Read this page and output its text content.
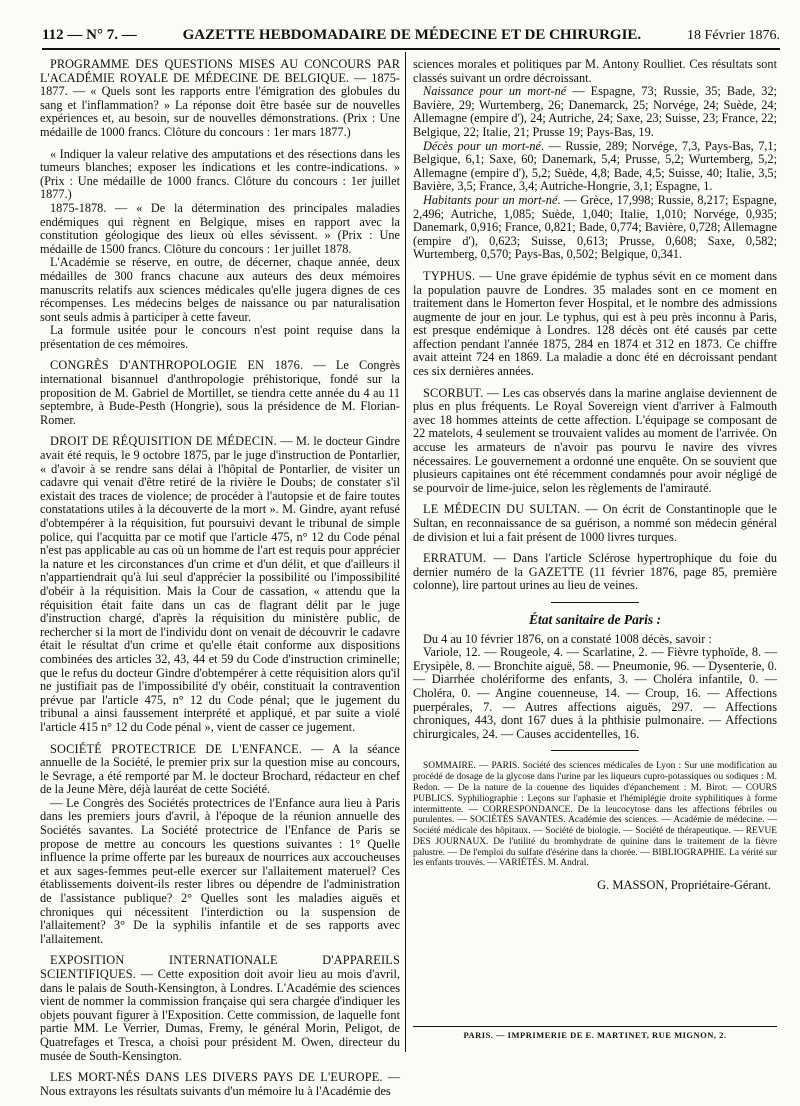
112 — N° 7. —	GAZETTE HEBDOMADAIRE DE MÉDECINE ET DE CHIRURGIE.	18 Février 1876.

PROGRAMME DES QUESTIONS MISES AU CONCOURS PAR L'ACADÉMIE ROYALE DE MÉDECINE DE BELGIQUE. — 1875-1877. — « Quels sont les rapports entre l'émigration des globules du sang et l'inflammation? » La réponse doit être basée sur de nouvelles expériences et, au besoin, sur de nouvelles démonstrations. (Prix : Une médaille de 1000 francs. Clôture du concours : 1er mars 1877.)

« Indiquer la valeur relative des amputations et des résections dans les tumeurs blanches; exposer les indications et les contre-indications. » (Prix : Une médaille de 1000 francs. Clôture du concours : 1er juillet 1877.)

1875-1878. — « De la détermination des principales maladies endémiques qui règnent en Belgique, mises en rapport avec la constitution géologique des lieux où elles sévissent. » (Prix : Une médaille de 1500 francs. Clôture du concours : 1er juillet 1878.

L'Académie se réserve, en outre, de décerner, chaque année, deux médailles de 300 francs chacune aux auteurs des deux mémoires manuscrits relatifs aux sciences médicales qu'elle jugera dignes de ces récompenses. Les médecins belges de naissance ou par naturalisation sont seuls admis à participer à cette faveur.

La formule usitée pour le concours n'est point requise dans la présentation de ces mémoires.

CONGRÈS D'ANTHROPOLOGIE EN 1876. — Le Congrès international bisannuel d'anthropologie préhistorique, fondé sur la proposition de M. Gabriel de Mortillet, se tiendra cette année du 4 au 11 septembre, à Bude-Pesth (Hongrie), sous la présidence de M. Florian-Romer.

DROIT DE RÉQUISITION DE MÉDECIN. — M. le docteur Gindre avait été requis, le 9 octobre 1875, par le juge d'instruction de Pontarlier, « d'avoir à se rendre sans délai à l'hôpital de Pontarlier, de visiter un cadavre qui venait d'être retiré de la rivière le Doubs; de constater s'il existait des traces de violence; de procéder à l'autopsie et de faire toutes constatations utiles à la découverte de la mort ». M. Gindre, ayant refusé d'obtempérer à la réquisition, fut poursuivi devant le tribunal de simple police, qui l'acquitta par ce motif que l'article 475, n° 12 du Code pénal n'est pas applicable au cas où un homme de l'art est requis pour apprécier la nature et les circonstances d'un crime et d'un délit, et que d'ailleurs il n'appartiendrait qu'à lui seul d'apprécier la possibilité ou l'impossibilité d'obéir à la réquisition. Mais la Cour de cassation, « attendu que la réquisition était faite dans un cas de flagrant délit par le juge d'instruction chargé, d'après la réquisition du ministère public, de rechercher si la mort de l'individu dont on venait de découvrir le cadavre était le résultat d'un crime et qu'elle était conforme aux dispositions combinées des articles 32, 43, 44 et 59 du Code d'instruction criminelle; que le refus du docteur Gindre d'obtempérer à cette réquisition alors qu'il ne justifiait pas de l'impossibilité d'y obéir, constituait la contravention prévue par l'article 475, n° 12 du Code pénal; que le jugement du tribunal a ainsi faussement interprété et appliqué, et par suite a violé l'article 415 n° 12 du Code pénal », vient de casser ce jugement.

SOCIÉTÉ PROTECTRICE DE L'ENFANCE. — A la séance annuelle de la Société, le premier prix sur la question mise au concours, le Sevrage, a été remporté par M. le docteur Brochard, rédacteur en chef de la Jeune Mère, déjà lauréat de cette Société.

— Le Congrès des Sociétés protectrices de l'Enfance aura lieu à Paris dans les premiers jours d'avril, à l'époque de la réunion annuelle des Sociétés savantes. La Société protectrice de l'Enfance de Paris se propose de mettre au concours les questions suivantes : 1° Quelle influence la prime offerte par les bureaux de nourrices aux accoucheuses et aux sages-femmes peut-elle exercer sur l'allaitement materuel? Ces établissements doivent-ils rester libres ou dépendre de l'administration de l'assistance publique? 2° Quelles sont les maladies aiguës et chroniques qui nécessitent l'interdiction ou la suspension de l'allaitement? 3° De la syphilis infantile et de ses rapports avec l'allaitement.

EXPOSITION INTERNATIONALE D'APPAREILS SCIENTIFIQUES. — Cette exposition doit avoir lieu au mois d'avril, dans le palais de South-Kensington, à Londres. L'Académie des sciences vient de nommer la commission française qui sera chargée d'indiquer les objets pouvant figurer à l'Exposition. Cette commission, de laquelle font partie MM. Le Verrier, Dumas, Fremy, le général Morin, Peligot, de Quatrefages et Tresca, a choisi pour président M. Owen, directeur du musée de South-Kensington.

LES MORT-NÉS DANS LES DIVERS PAYS DE L'EUROPE. — Nous extrayons les résultats suivants d'un mémoire lu à l'Académie des

sciences morales et politiques par M. Antony Roulliet. Ces résultats sont classés suivant un ordre décroissant.

Naissance pour un mort-né — Espagne, 73; Russie, 35; Bade, 32; Bavière, 29; Wurtemberg, 26; Danemarck, 25; Norvége, 24; Suède, 24; Allemagne (empire d'), 24; Autriche, 24; Saxe, 23; Suisse, 23; France, 22; Belgique, 22; Italie, 21; Prusse 19; Pays-Bas, 19.

Décès pour un mort-né. — Russie, 289; Norvége, 7,3, Pays-Bas, 7,1; Belgique, 6,1; Saxe, 60; Danemark, 5,4; Prusse, 5,2; Wurtemberg, 5,2; Allemagne (empire d'), 5,2; Suède, 4,8; Bade, 4,5; Suisse, 40; Italie, 3,5; Bavière, 3,5; France, 3,4; Autriche-Hongrie, 3,1; Espagne, 1.

Habitants pour un mort-né. — Grèce, 17,998; Russie, 8,217; Espagne, 2,496; Autriche, 1,085; Suède, 1,040; Italie, 1,010; Norvége, 0,935; Danemark, 0,916; France, 0,821; Bade, 0,774; Bavière, 0,728; Allemagne (empire d'), 0,623; Suisse, 0,613; Prusse, 0,608; Saxe, 0,582; Wurtemberg, 0,570; Pays-Bas, 0,502; Belgique, 0,341.

TYPHUS. — Une grave épidémie de typhus sévit en ce moment dans la population pauvre de Londres. 35 malades sont en ce moment en traitement dans le Homerton fever Hospital, et le nombre des admissions augmente de jour en jour. Le typhus, qui est à peu près inconnu à Paris, est presque endémique à Londres. 128 décès ont été causés par cette affection pendant l'année 1875, 284 en 1874 et 312 en 1873. Ce chiffre avait atteint 724 en 1869. La maladie a donc été en décroissant pendant ces six dernières années.

SCORBUT. — Les cas observés dans la marine anglaise deviennent de plus en plus fréquents. Le Royal Sovereign vient d'arriver à Falmouth avec 18 hommes atteints de cette affection. L'équipage se composant de 22 matelots, 4 seulement se trouvaient valides au moment de l'arrivée. On accuse les armateurs de n'avoir pas pourvu le navire des vivres nécessaires. Le gouvernement a ordonné une enquête. On se souvient que plusieurs capitaines ont été récemment condamnés pour avoir négligé de se pourvoir de lime-juice, selon les règlements de l'amirauté.

LE MÉDECIN DU SULTAN. — On écrit de Constantinople que le Sultan, en reconnaissance de sa guérison, a nommé son médecin général de division et lui a fait présent de 1000 livres turques.

ERRATUM. — Dans l'article Sclérose hypertrophique du foie du dernier numéro de la GAZETTE (11 février 1876, page 85, première colonne), lire partout urines au lieu de veines.

État sanitaire de Paris :

Du 4 au 10 février 1876, on a constaté 1008 décès, savoir :

Variole, 12. — Rougeole, 4. — Scarlatine, 2. — Fièvre typhoïde, 8. — Erysipèle, 8. — Bronchite aiguë, 58. — Pneumonie, 96. — Dysenterie, 0. — Diarrhée cholériforme des enfants, 3. — Choléra infantile, 0. — Choléra, 0. — Angine couenneuse, 14. — Croup, 16. — Affections puerpérales, 7. — Autres affections aiguës, 297. — Affections chroniques, 443, dont 167 dues à la phthisie pulmonaire. — Affections chirurgicales, 24. — Causes accidentelles, 16.

SOMMAIRE. — PARIS. Société des sciences médicales de Lyon : Sur une modification au procédé de dosage de la glycose dans l'urine par les liqueurs cupro-potassiques ou sodiques : M. Redon. — De la nature de la couenne des liquides d'épanchement : M. Birot. — COURS PUBLICS. Syphiliographie : Leçons sur l'aphasie et l'hémiplégie droite syphilitiques à forme intermittente. — CORRESPONDANCE. De la leucocytose dans les affections fébriles ou purulentes. — SOCIÉTÉS SAVANTES. Académie des sciences. — Académie de médecine. — Société médicale des hôpitaux. — Société de biologie. — Société de thérapeutique. — REVUE DES JOURNAUX. De l'utilité du bromhydrate de quinine dans le traitement de la fièvre palustre. — De l'emploi du sulfate d'ésérine dans la chorée. — BIBLIOGRAPHIE. La vérité sur les enfants trouvés. — VARIÉTÉS. M. Andral.

G. MASSON, Propriétaire-Gérant.
PARIS. — IMPRIMERIE DE E. MARTINET, RUE MIGNON, 2.
